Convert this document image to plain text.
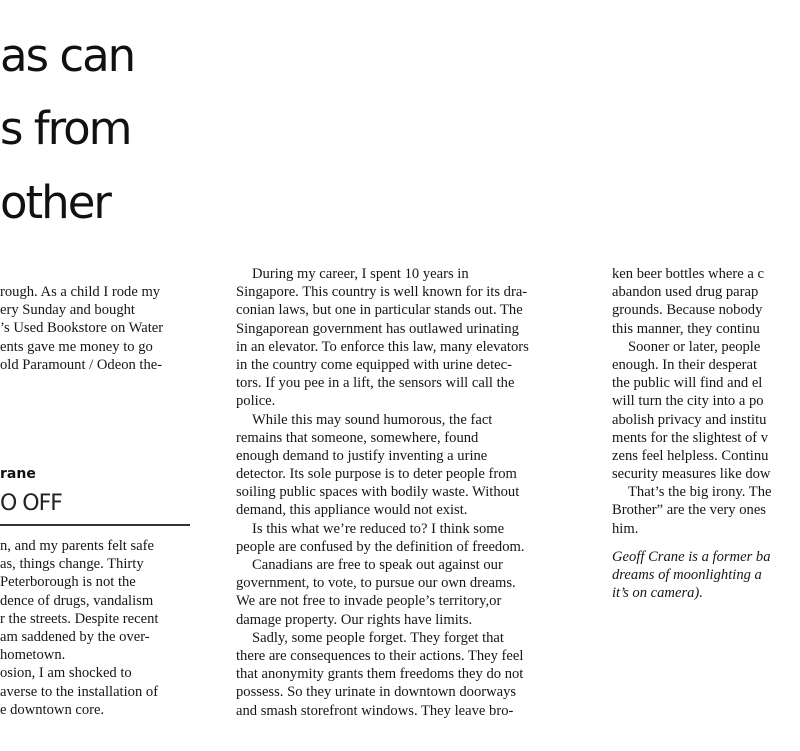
as can
s from
other
rough. As a child I rode my
ery Sunday and bought
’s Used Bookstore on Water
ents gave me money to go
old Paramount / Odeon the-
rane
O OFF
n, and my parents felt safe
as, things change. Thirty
Peterborough is not the
dence of drugs, vandalism
r the streets. Despite recent
am saddened by the over-
hometown.
osion, I am shocked to
averse to the installation of
e downtown core.
During my career, I spent 10 years in
Singapore. This country is well known for its dra-
conian laws, but one in particular stands out. The
Singaporean government has outlawed urinating
in an elevator. To enforce this law, many elevators
in the country come equipped with urine detec-
tors. If you pee in a lift, the sensors will call the
police.
While this may sound humorous, the fact
remains that someone, somewhere, found
enough demand to justify inventing a urine
detector. Its sole purpose is to deter people from
soiling public spaces with bodily waste. Without
demand, this appliance would not exist.
Is this what we’re reduced to? I think some
people are confused by the definition of freedom.
Canadians are free to speak out against our
government, to vote, to pursue our own dreams.
We are not free to invade people’s territory,or
damage property. Our rights have limits.
Sadly, some people forget. They forget that
there are consequences to their actions. They feel
that anonymity grants them freedoms they do not
possess. So they urinate in downtown doorways
and smash storefront windows. They leave bro-
ken beer bottles where a c
abandon used drug parap
grounds. Because nobody
this manner, they continu
Sooner or later, people
enough. In their desperat
the public will find and el
will turn the city into a po
abolish privacy and institu
ments for the slightest of v
zens feel helpless. Continu
security measures like dow
That’s the big irony. The
Brother” are the very ones
him.
Geoff Crane is a former ba
dreams of moonlighting a
it’s on camera).
